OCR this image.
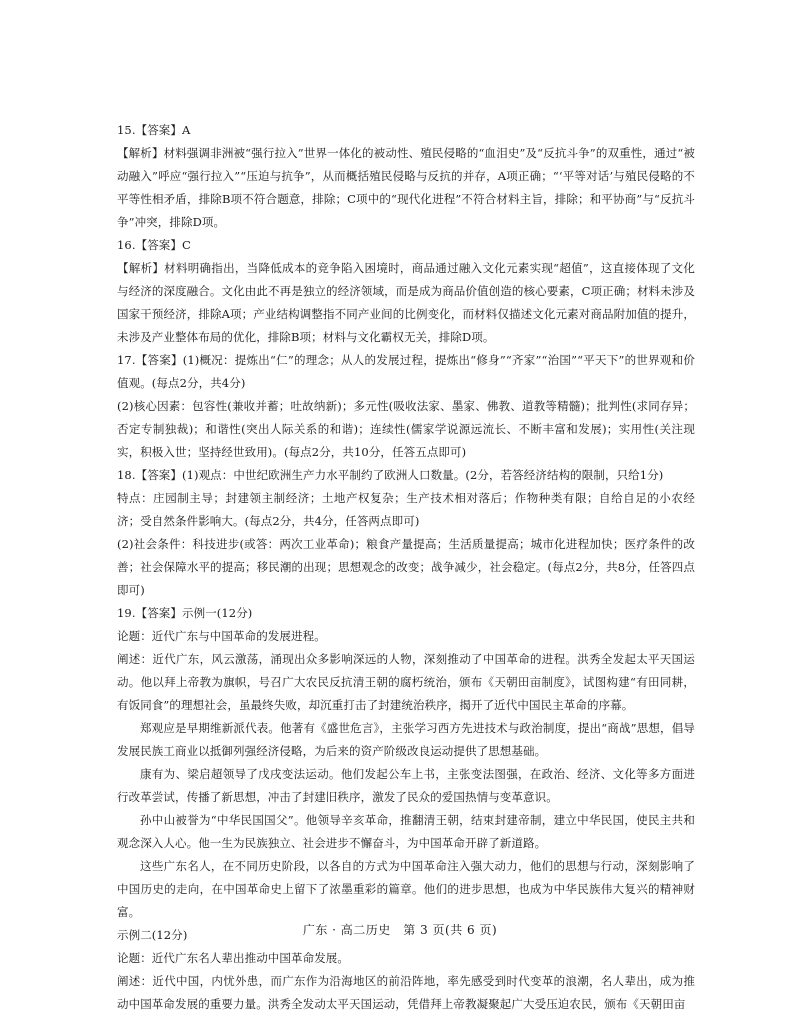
15.【答案】A

【解析】材料强调非洲被“强行拉入”世界一体化的被动性、殖民侵略的“血泪史”及“反抗斗争”的双重性，通过“被动融入”呼应“强行拉入”“压迫与抗争”，从而概括殖民侵略与反抗的并存，A项正确；“‘平等对话’与殖民侵略的不平等性相矛盾，排除B项不符合题意，排除；C项中的“现代化进程”不符合材料主旨，排除；和平协商”与“反抗斗争”冲突，排除D项。

16.【答案】C

【解析】材料明确指出，当降低成本的竞争陷入困境时，商品通过融入文化元素实现“超值”，这直接体现了文化与经济的深度融合。文化由此不再是独立的经济领域，而是成为商品价值创造的核心要素，C项正确；材料未涉及国家干预经济，排除A项；产业结构调整指不同产业间的比例变化，而材料仅描述文化元素对商品附加值的提升，未涉及产业整体布局的优化，排除B项；材料与文化霸权无关，排除D项。

17.【答案】(1)概况：提炼出“仁”的理念；从人的发展过程，提炼出“修身”“齐家”“治国”“平天下”的世界观和价值观。(每点2分，共4分)

(2)核心因素：包容性(兼收并蓄；吐故纳新)；多元性(吸收法家、墨家、佛教、道教等精髓)；批判性(求同存异；否定专制独裁)；和谐性(突出人际关系的和谐)；连续性(儒家学说源远流长、不断丰富和发展)；实用性(关注现实，积极入世；坚持经世致用)。(每点2分，共10分，任答五点即可)

18.【答案】(1)观点：中世纪欧洲生产力水平制约了欧洲人口数量。(2分，若答经济结构的限制，只给1分)

特点：庄园制主导；封建领主制经济；土地产权复杂；生产技术相对落后；作物种类有限；自给自足的小农经济；受自然条件影响大。(每点2分，共4分，任答两点即可)

(2)社会条件：科技进步(或答：两次工业革命)；粮食产量提高；生活质量提高；城市化进程加快；医疗条件的改善；社会保障水平的提高；移民潮的出现；思想观念的改变；战争减少，社会稳定。(每点2分，共8分，任答四点即可)

19.【答案】示例一(12分)

论题：近代广东与中国革命的发展进程。

阐述：近代广东，风云激荡，涌现出众多影响深远的人物，深刻推动了中国革命的进程。洪秀全发起太平天国运动。他以拜上帝教为旗帜，号召广大农民反抗清王朝的腐朽统治，颁布《天朝田亩制度》，试图构建“有田同耕，有饭同食”的理想社会，虽最终失败，却沉重打击了封建统治秩序，揭开了近代中国民主革命的序幕。

郑观应是早期维新派代表。他著有《盛世危言》，主张学习西方先进技术与政治制度，提出“商战”思想，倡导发展民族工商业以抵御列强经济侵略，为后来的资产阶级改良运动提供了思想基础。

康有为、梁启超领导了戊戌变法运动。他们发起公车上书，主张变法图强，在政治、经济、文化等多方面进行改革尝试，传播了新思想，冲击了封建旧秩序，激发了民众的爱国热情与变革意识。

孙中山被誉为“中华民国国父”。他领导辛亥革命，推翻清王朝，结束封建帝制，建立中华民国，使民主共和观念深入人心。他一生为民族独立、社会进步不懈奋斗，为中国革命开辟了新道路。

这些广东名人，在不同历史阶段，以各自的方式为中国革命注入强大动力，他们的思想与行动，深刻影响了中国历史的走向，在中国革命史上留下了浓墨重彩的篇章。他们的进步思想，也成为中华民族伟大复兴的精神财富。

示例二(12分)

论题：近代广东名人辈出推动中国革命发展。

阐述：近代中国，内忧外患，而广东作为沿海地区的前沿阵地，率先感受到时代变革的浪潮，名人辈出，成为推动中国革命发展的重要力量。洪秀全发动太平天国运动，凭借拜上帝教凝聚起广大受压迫农民，颁布《天朝田亩

广东 · 高二历史　第 3 页(共 6 页)
